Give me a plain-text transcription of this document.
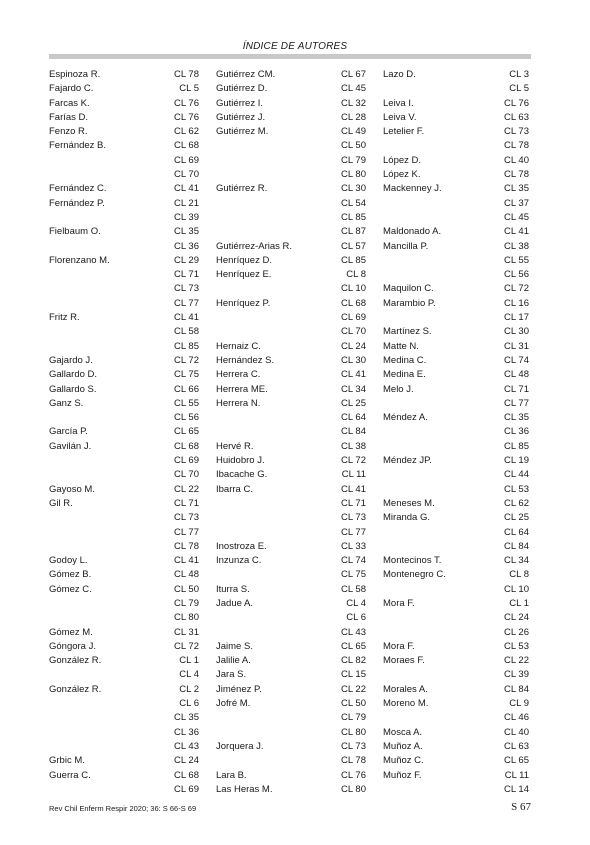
ÍNDICE DE AUTORES
Espinoza R.	CL 78
Fajardo C.	CL 5
Farcas K.	CL 76
Farías D.	CL 76
Fenzo R.	CL 62
Fernández B.	CL 68
CL 69
CL 70
Fernández C.	CL 41
Fernández P.	CL 21
CL 39
Fielbaum O.	CL 35
CL 36
Florenzano M.	CL 29
CL 71
CL 73
CL 77
Fritz R.	CL 41
CL 58
CL 85
Gajardo J.	CL 72
Gallardo D.	CL 75
Gallardo S.	CL 66
Ganz S.	CL 55
CL 56
García P.	CL 65
Gavilán J.	CL 68
CL 69
CL 70
Gayoso M.	CL 22
Gil R.	CL 71
CL 73
CL 77
CL 78
Godoy L.	CL 41
Gómez B.	CL 48
Gómez C.	CL 50
CL 79
CL 80
Gómez M.	CL 31
Góngora J.	CL 72
González R.	CL 1
CL 4
González R.	CL 2
CL 6
CL 35
CL 36
CL 43
Grbic M.	CL 24
Guerra C.	CL 68
CL 69
Gutiérrez CM.	CL 67
Gutiérrez D.	CL 45
Gutiérrez I.	CL 32
Gutiérrez J.	CL 28
Gutiérrez M.	CL 49
CL 50
CL 79
CL 80
Gutiérrez R.	CL 30
CL 54
CL 85
CL 87
Gutiérrez-Arias R.	CL 57
Henríquez D.	CL 85
Henríquez E.	CL 8
CL 10
Henríquez P.	CL 68
CL 69
CL 70
Hernaiz C.	CL 24
Hernández S.	CL 30
Herrera C.	CL 41
Herrera ME.	CL 34
Herrera N.	CL 25
CL 64
CL 84
Hervé R.	CL 38
Huidobro J.	CL 72
Ibacache G.	CL 11
Ibarra C.	CL 41
CL 71
CL 73
CL 77
Inostroza E.	CL 33
Inzunza C.	CL 74
CL 75
Iturra S.	CL 58
Jadue A.	CL 4
CL 6
CL 43
Jaime S.	CL 65
Jalilie A.	CL 82
Jara S.	CL 15
Jiménez P.	CL 22
Jofré M.	CL 50
CL 79
CL 80
Jorquera J.	CL 73
CL 78
Lara B.	CL 76
Las Heras M.	CL 80
Lazo D.	CL 3
CL 5
Leiva I.	CL 76
Leiva V.	CL 63
Letelier F.	CL 73
CL 78
López D.	CL 40
López K.	CL 78
Mackenney J.	CL 35
CL 37
CL 45
Maldonado A.	CL 41
Mancilla P.	CL 38
CL 55
CL 56
Maquilon C.	CL 72
Marambio P.	CL 16
CL 17
Martínez S.	CL 30
Matte N.	CL 31
Medina C.	CL 74
Medina E.	CL 48
Melo J.	CL 71
CL 77
Méndez A.	CL 35
CL 36
CL 85
Méndez JP.	CL 19
CL 44
CL 53
Meneses M.	CL 62
Miranda G.	CL 25
CL 64
CL 84
Montecinos T.	CL 34
Montenegro C.	CL 8
CL 10
Mora F.	CL 1
CL 24
CL 26
Mora F.	CL 53
Moraes F.	CL 22
CL 39
Morales A.	CL 84
Moreno M.	CL 9
CL 46
Mosca A.	CL 40
Muñoz A.	CL 63
Muñoz C.	CL 65
Muñoz F.	CL 11
CL 14
Rev Chil Enferm Respir 2020; 36: S 66-S 69	S 67
